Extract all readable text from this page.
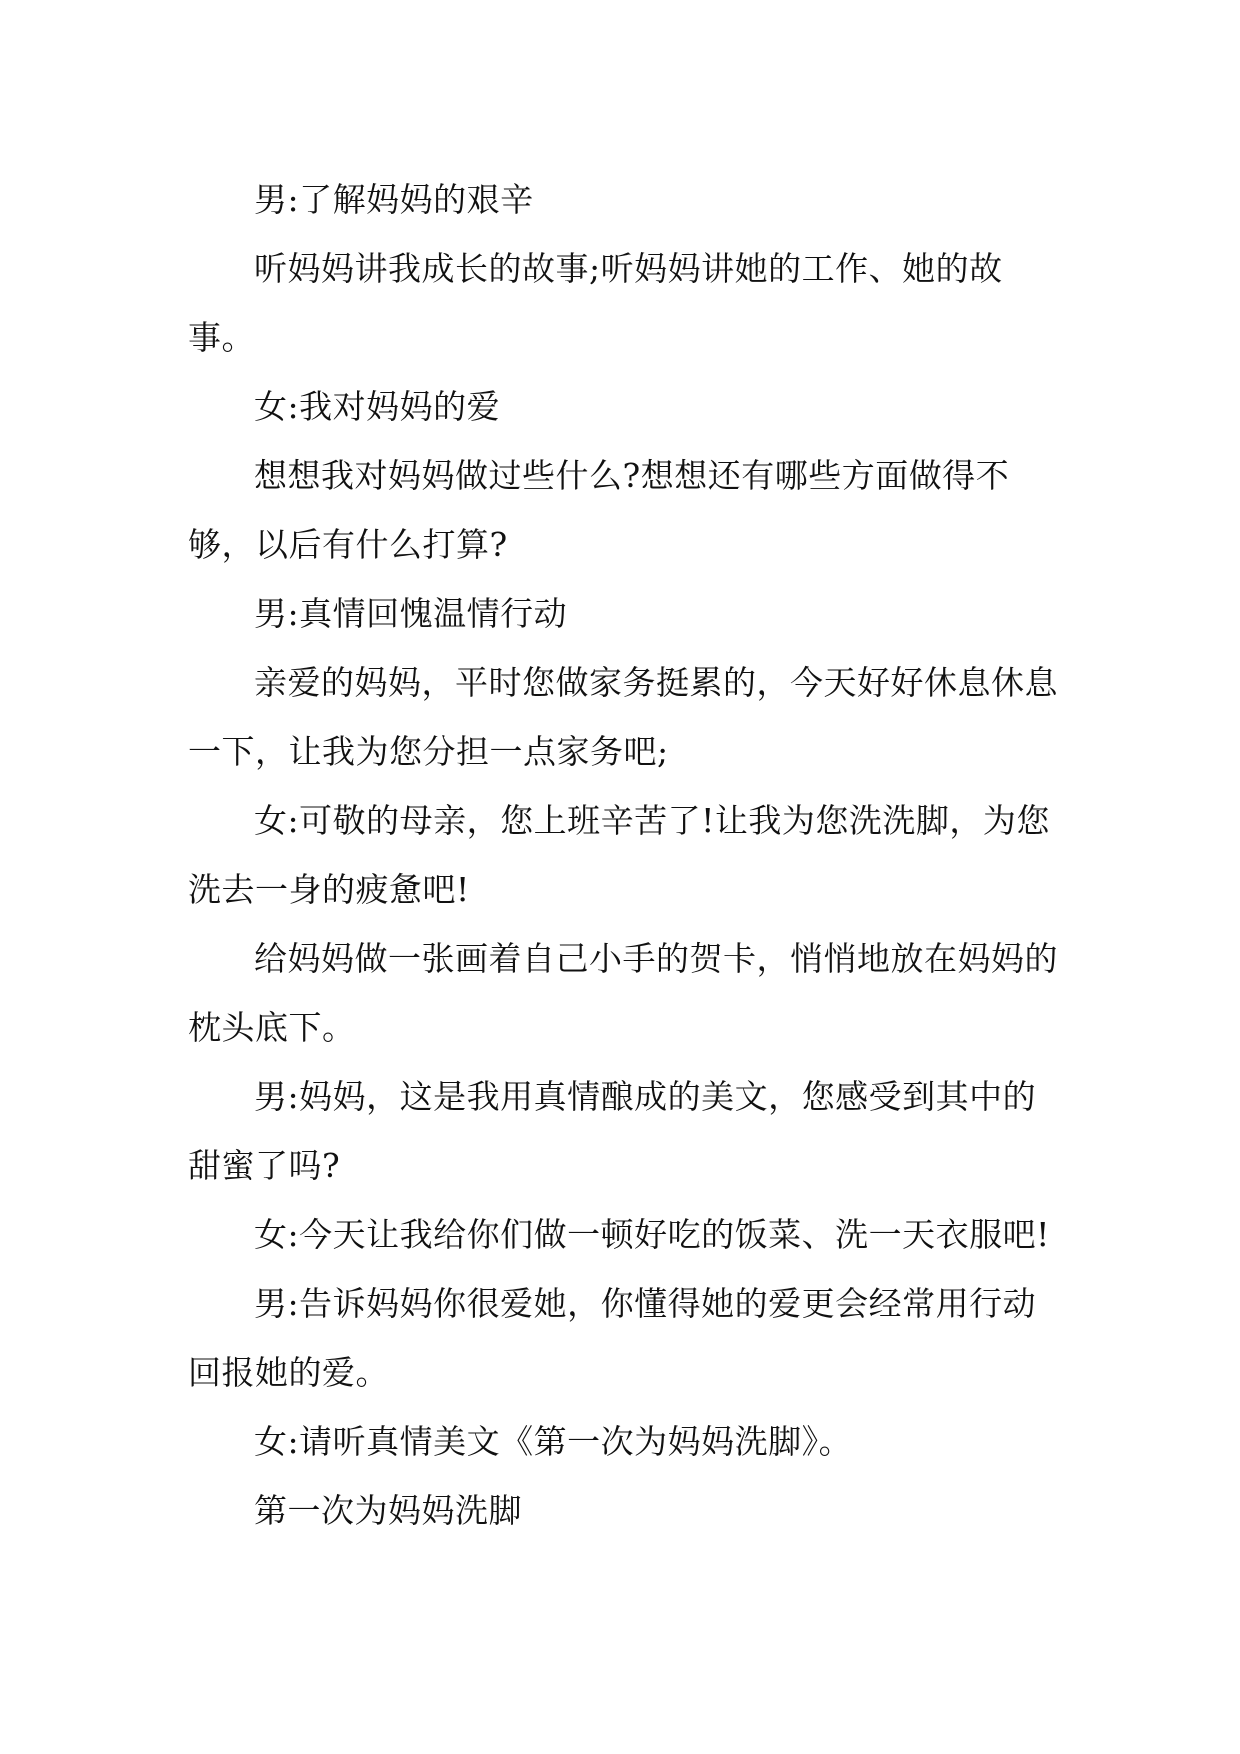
男:了解妈妈的艰辛

听妈妈讲我成长的故事;听妈妈讲她的工作、她的故事。

女:我对妈妈的爱

想想我对妈妈做过些什么?想想还有哪些方面做得不够，以后有什么打算?

男:真情回愧温情行动

亲爱的妈妈，平时您做家务挺累的，今天好好休息休息一下，让我为您分担一点家务吧;

女:可敬的母亲，您上班辛苦了!让我为您洗洗脚，为您洗去一身的疲惫吧!

给妈妈做一张画着自己小手的贺卡，悄悄地放在妈妈的枕头底下。

男:妈妈，这是我用真情酿成的美文，您感受到其中的甜蜜了吗?

女:今天让我给你们做一顿好吃的饭菜、洗一天衣服吧!

男:告诉妈妈你很爱她，你懂得她的爱更会经常用行动回报她的爱。

女:请听真情美文《第一次为妈妈洗脚》。

第一次为妈妈洗脚
